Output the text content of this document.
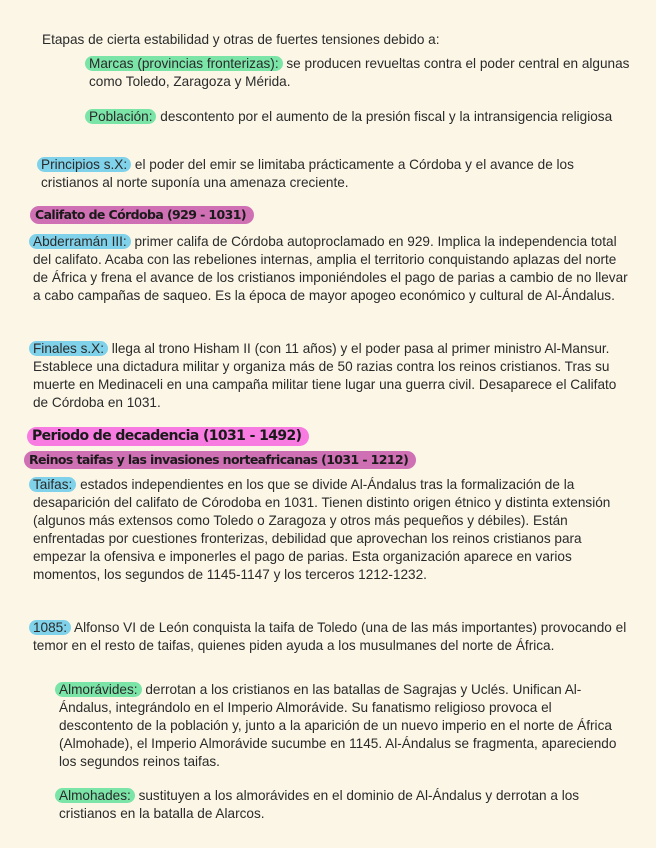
Etapas de cierta estabilidad y otras de fuertes tensiones debido a:
Marcas (provincias fronterizas): se producen revueltas contra el poder central en algunas como Toledo, Zaragoza y Mérida.
Población: descontento por el aumento de la presión fiscal y la intransigencia religiosa
Principios s.X: el poder del emir se limitaba prácticamente a Córdoba y el avance de los cristianos al norte suponía una amenaza creciente.
Califato de Córdoba (929 - 1031)
Abderramán III: primer califa de Córdoba autoproclamado en 929. Implica la independencia total del califato. Acaba con las rebeliones internas, amplia el territorio conquistando aplazas del norte de África y frena el avance de los cristianos imponiéndoles el pago de parias a cambio de no llevar a cabo campañas de saqueo. Es la época de mayor apogeo económico y cultural de Al-Ándalus.
Finales s.X: llega al trono Hisham II (con 11 años) y el poder pasa al primer ministro Al-Mansur. Establece una dictadura militar y organiza más de 50 razias contra los reinos cristianos. Tras su muerte en Medinaceli en una campaña militar tiene lugar una guerra civil. Desaparece el Califato de Córdoba en 1031.
Periodo de decadencia (1031 - 1492)
Reinos taifas y las invasiones norteafricanas (1031 - 1212)
Taifas: estados independientes en los que se divide Al-Ándalus tras la formalización de la desaparición del califato de Córodoba en 1031. Tienen distinto origen étnico y distinta extensión (algunos más extensos como Toledo o Zaragoza y otros más pequeños y débiles). Están enfrentadas por cuestiones fronterizas, debilidad que aprovechan los reinos cristianos para empezar la ofensiva e imponerles el pago de parias. Esta organización aparece en varios momentos, los segundos de 1145-1147 y los terceros 1212-1232.
1085: Alfonso VI de León conquista la taifa de Toledo (una de las más importantes) provocando el temor en el resto de taifas, quienes piden ayuda a los musulmanes del norte de África.
Almorávides: derrotan a los cristianos en las batallas de Sagrajas y Uclés. Unifican Al-Ándalus, integrándolo en el Imperio Almorávide. Su fanatismo religioso provoca el descontento de la población y, junto a la aparición de un nuevo imperio en el norte de África (Almohade), el Imperio Almorávide sucumbe en 1145. Al-Ándalus se fragmenta, apareciendo los segundos reinos taifas.
Almohades: sustituyen a los almorávides en el dominio de Al-Ándalus y derrotan a los cristianos en la batalla de Alarcos.
